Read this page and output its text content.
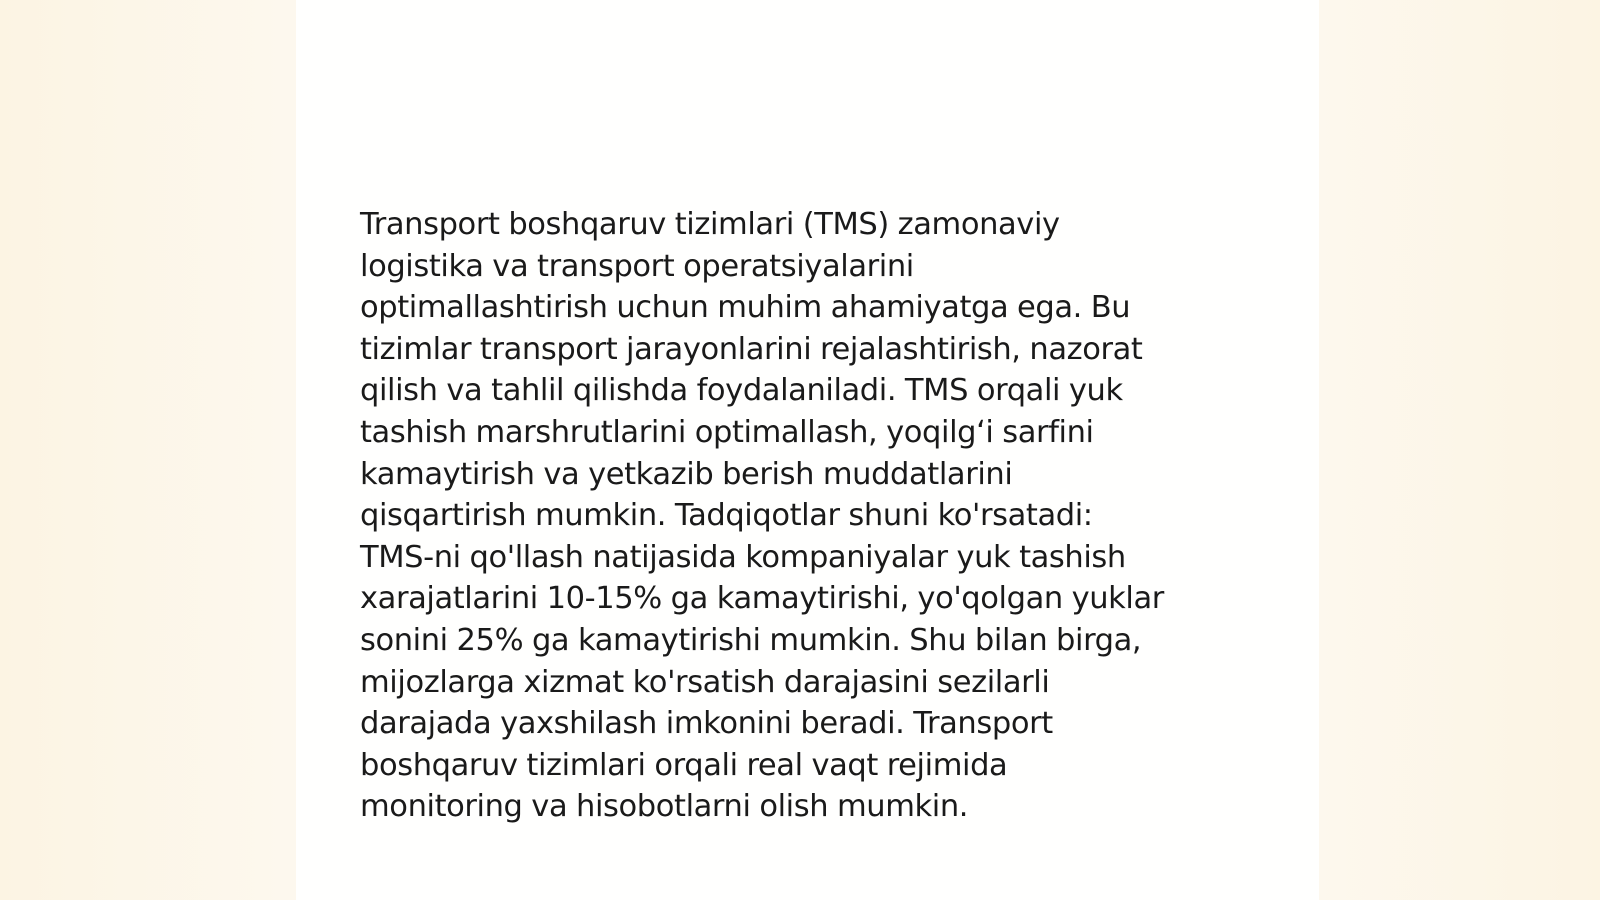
Transport boshqaruv tizimlari (TMS) zamonaviy
logistika va transport operatsiyalarini
optimallashtirish uchun muhim ahamiyatga ega. Bu
tizimlar transport jarayonlarini rejalashtirish, nazorat
qilish va tahlil qilishda foydalaniladi. TMS orqali yuk
tashish marshrutlarini optimallash, yoqilg‘i sarfini
kamaytirish va yetkazib berish muddatlarini
qisqartirish mumkin. Tadqiqotlar shuni ko'rsatadi:
TMS-ni qo'llash natijasida kompaniyalar yuk tashish
xarajatlarini 10-15% ga kamaytirishi, yo'qolgan yuklar
sonini 25% ga kamaytirishi mumkin. Shu bilan birga,
mijozlarga xizmat ko'rsatish darajasini sezilarli
darajada yaxshilash imkonini beradi. Transport
boshqaruv tizimlari orqali real vaqt rejimida
monitoring va hisobotlarni olish mumkin.
